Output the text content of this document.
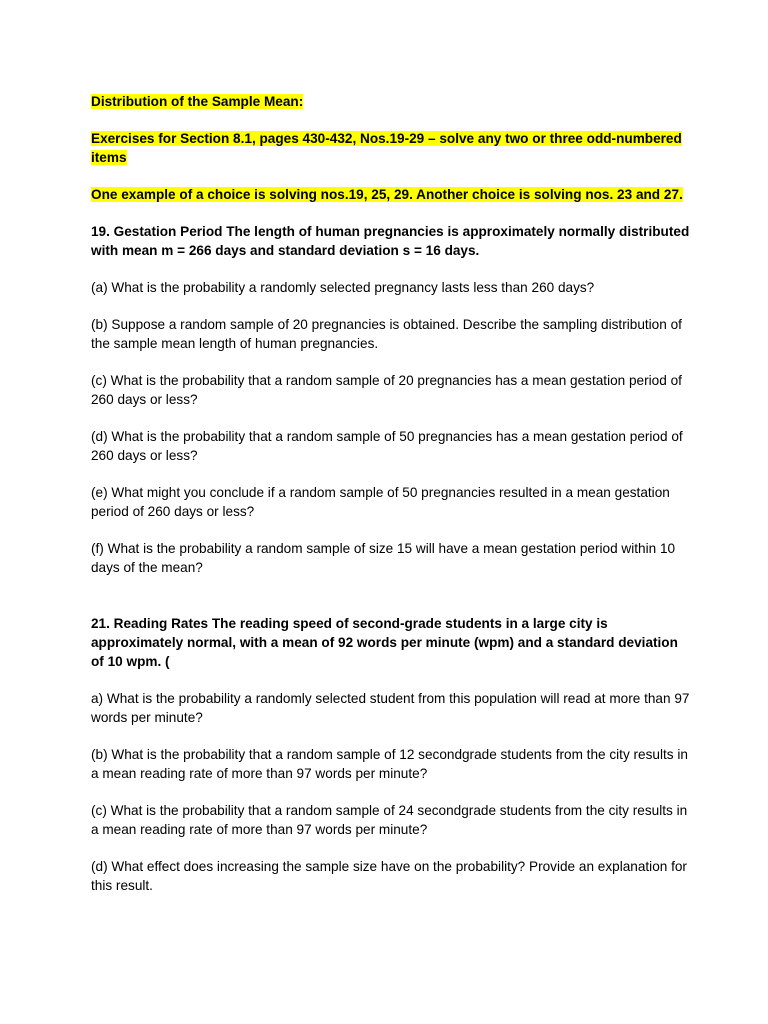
Distribution of the Sample Mean:

Exercises for Section 8.1, pages 430-432, Nos.19-29 – solve any two or three odd-numbered items

One example of a choice is solving nos.19, 25, 29. Another choice is solving nos. 23 and 27.

19. Gestation Period The length of human pregnancies is approximately normally distributed with mean m = 266 days and standard deviation s = 16 days.

(a) What is the probability a randomly selected pregnancy lasts less than 260 days?

(b) Suppose a random sample of 20 pregnancies is obtained. Describe the sampling distribution of the sample mean length of human pregnancies.

(c) What is the probability that a random sample of 20 pregnancies has a mean gestation period of 260 days or less?

(d) What is the probability that a random sample of 50 pregnancies has a mean gestation period of 260 days or less?

(e) What might you conclude if a random sample of 50 pregnancies resulted in a mean gestation period of 260 days or less?

(f) What is the probability a random sample of size 15 will have a mean gestation period within 10 days of the mean?

21. Reading Rates The reading speed of second-grade students in a large city is approximately normal, with a mean of 92 words per minute (wpm) and a standard deviation of 10 wpm. (

a) What is the probability a randomly selected student from this population will read at more than 97 words per minute?

(b) What is the probability that a random sample of 12 secondgrade students from the city results in a mean reading rate of more than 97 words per minute?

(c) What is the probability that a random sample of 24 secondgrade students from the city results in a mean reading rate of more than 97 words per minute?

(d) What effect does increasing the sample size have on the probability? Provide an explanation for this result.
